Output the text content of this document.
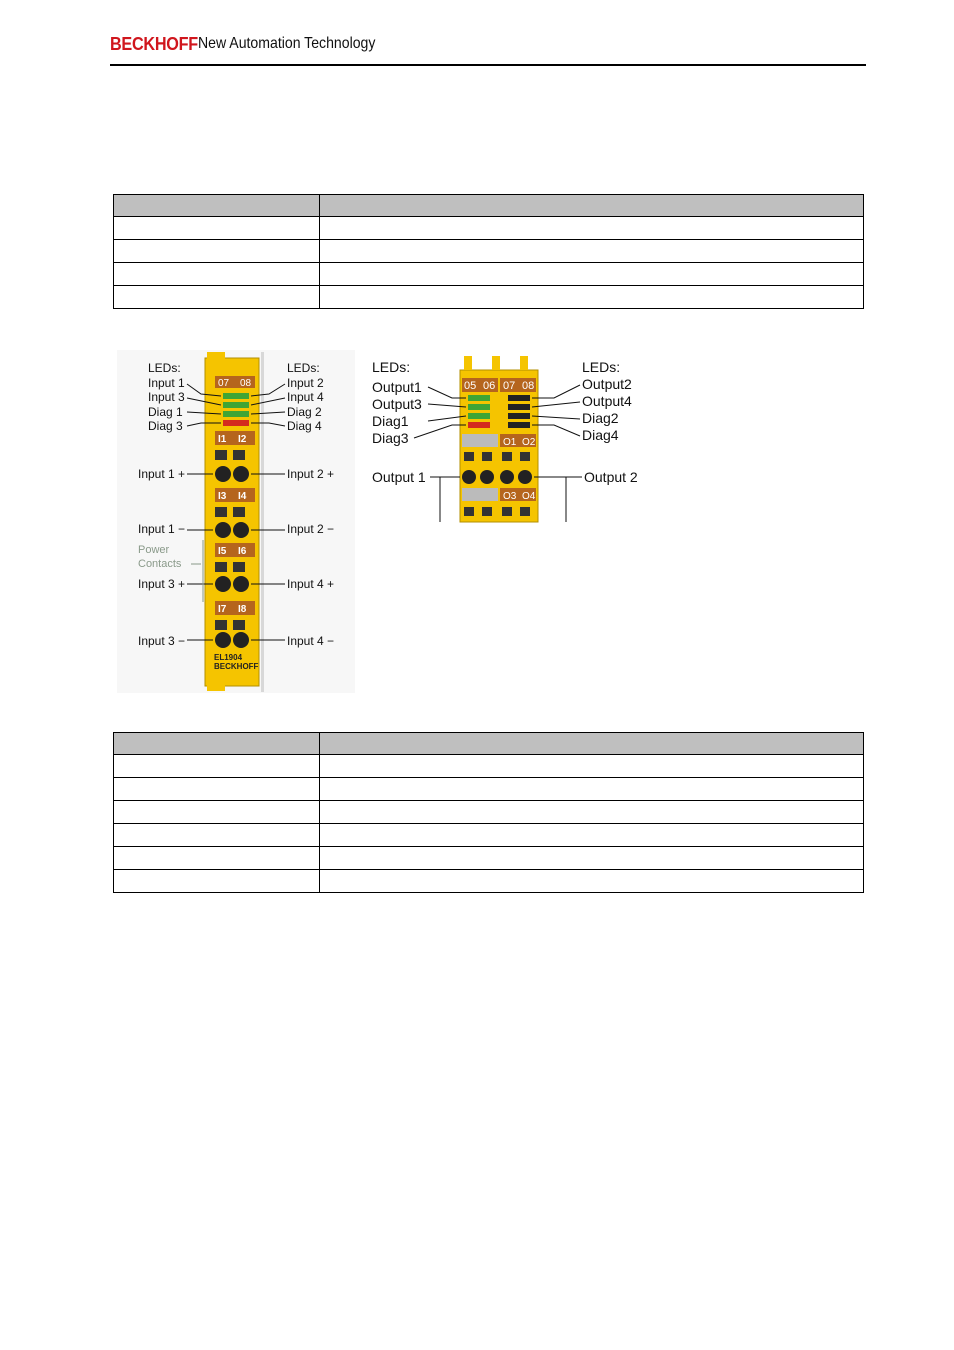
BECKHOFF New Automation Technology

07 08
I1 I2
I3 I4
I5 I6
I7 I8
EL1904
BECKHOFF
LEDs:	LEDs:
Input 1
Input 3
Diag 1
Diag 3
Input 2
Input 4
Diag 2
Diag 4
Input 1 +
Input 1 −
Input 3 +
Input 3 −
Input 2 +
Input 2 −
Input 4 +
Input 4 −
Power
Contacts
05 06 07 08
O1 O2
O3 O4
LEDs:	LEDs:
Output1
Output3
Diag1
Diag3
Output2
Output4
Diag2
Diag4
Output 1	Output 2
